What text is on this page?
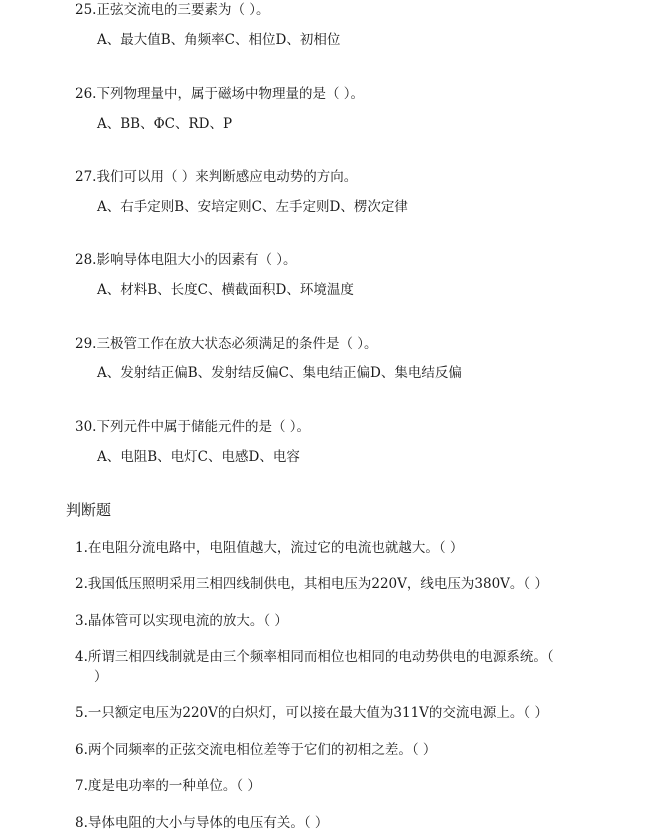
25.正弦交流电的三要素为（ ）。
A、最大值B、角频率C、相位D、初相位
26.下列物理量中，属于磁场中物理量的是（ ）。
A、BB、ΦC、RD、P
27.我们可以用（ ）来判断感应电动势的方向。
A、右手定则B、安培定则C、左手定则D、楞次定律
28.影响导体电阻大小的因素有（ ）。
A、材料B、长度C、横截面积D、环境温度
29.三极管工作在放大状态必须满足的条件是（ ）。
A、发射结正偏B、发射结反偏C、集电结正偏D、集电结反偏
30.下列元件中属于储能元件的是（ ）。
A、电阻B、电灯C、电感D、电容
判断题
1.在电阻分流电路中，电阻值越大，流过它的电流也就越大。（ ）
2.我国低压照明采用三相四线制供电，其相电压为220V，线电压为380V。（ ）
3.晶体管可以实现电流的放大。（ ）
4.所谓三相四线制就是由三个频率相同而相位也相同的电动势供电的电源系统。（
）
5.一只额定电压为220V的白炽灯，可以接在最大值为311V的交流电源上。（ ）
6.两个同频率的正弦交流电相位差等于它们的初相之差。（ ）
7.度是电功率的一种单位。（ ）
8.导体电阻的大小与导体的电压有关。（ ）
